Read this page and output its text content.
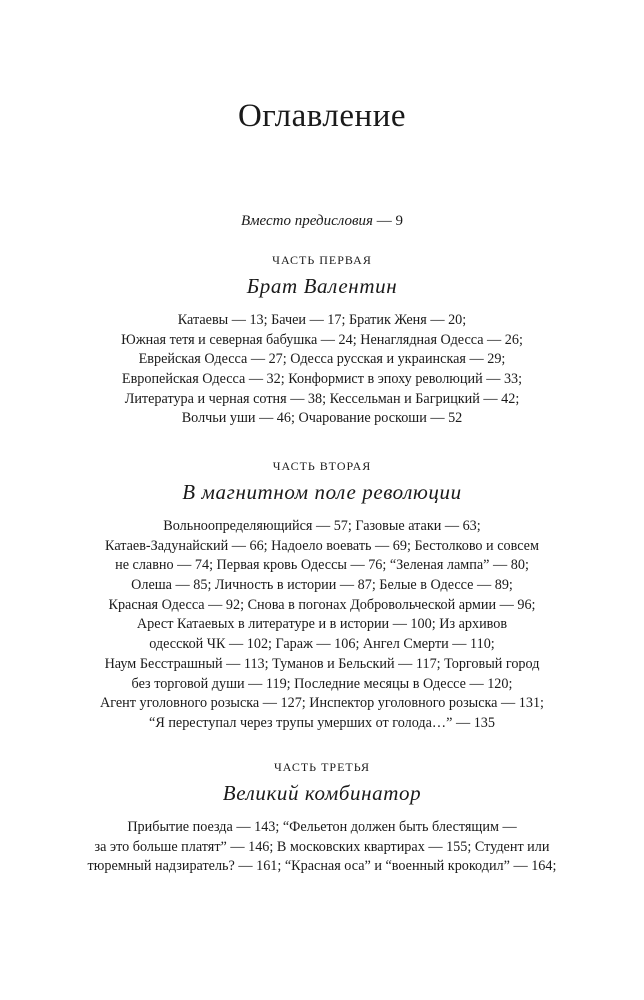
Оглавление
Вместо предисловия — 9
ЧАСТЬ ПЕРВАЯ
Брат Валентин
Катаевы — 13; Бачеи — 17; Братик Женя — 20;
Южная тетя и северная бабушка — 24; Ненаглядная Одесса — 26;
Еврейская Одесса — 27; Одесса русская и украинская — 29;
Европейская Одесса — 32; Конформист в эпоху революций — 33;
Литература и черная сотня — 38; Кессельман и Багрицкий — 42;
Волчьи уши — 46; Очарование роскоши — 52
ЧАСТЬ ВТОРАЯ
В магнитном поле революции
Вольноопределяющийся — 57; Газовые атаки — 63;
Катаев-Задунайский — 66; Надоело воевать — 69; Бестолково и совсем
не славно — 74; Первая кровь Одессы — 76; “Зеленая лампа” — 80;
Олеша — 85; Личность в истории — 87; Белые в Одессе — 89;
Красная Одесса — 92; Снова в погонах Добровольческой армии — 96;
Арест Катаевых в литературе и в истории — 100; Из архивов
одесской ЧК — 102; Гараж — 106; Ангел Смерти — 110;
Наум Бесстрашный — 113; Туманов и Бельский — 117; Торговый город
без торговой души — 119; Последние месяцы в Одессе — 120;
Агент уголовного розыска — 127; Инспектор уголовного розыска — 131;
“Я переступал через трупы умерших от голода…” — 135
ЧАСТЬ ТРЕТЬЯ
Великий комбинатор
Прибытие поезда — 143; “Фельетон должен быть блестящим —
за это больше платят” — 146; В московских квартирах — 155; Студент или
тюремный надзиратель? — 161; “Красная оса” и “военный крокодил” — 164;
